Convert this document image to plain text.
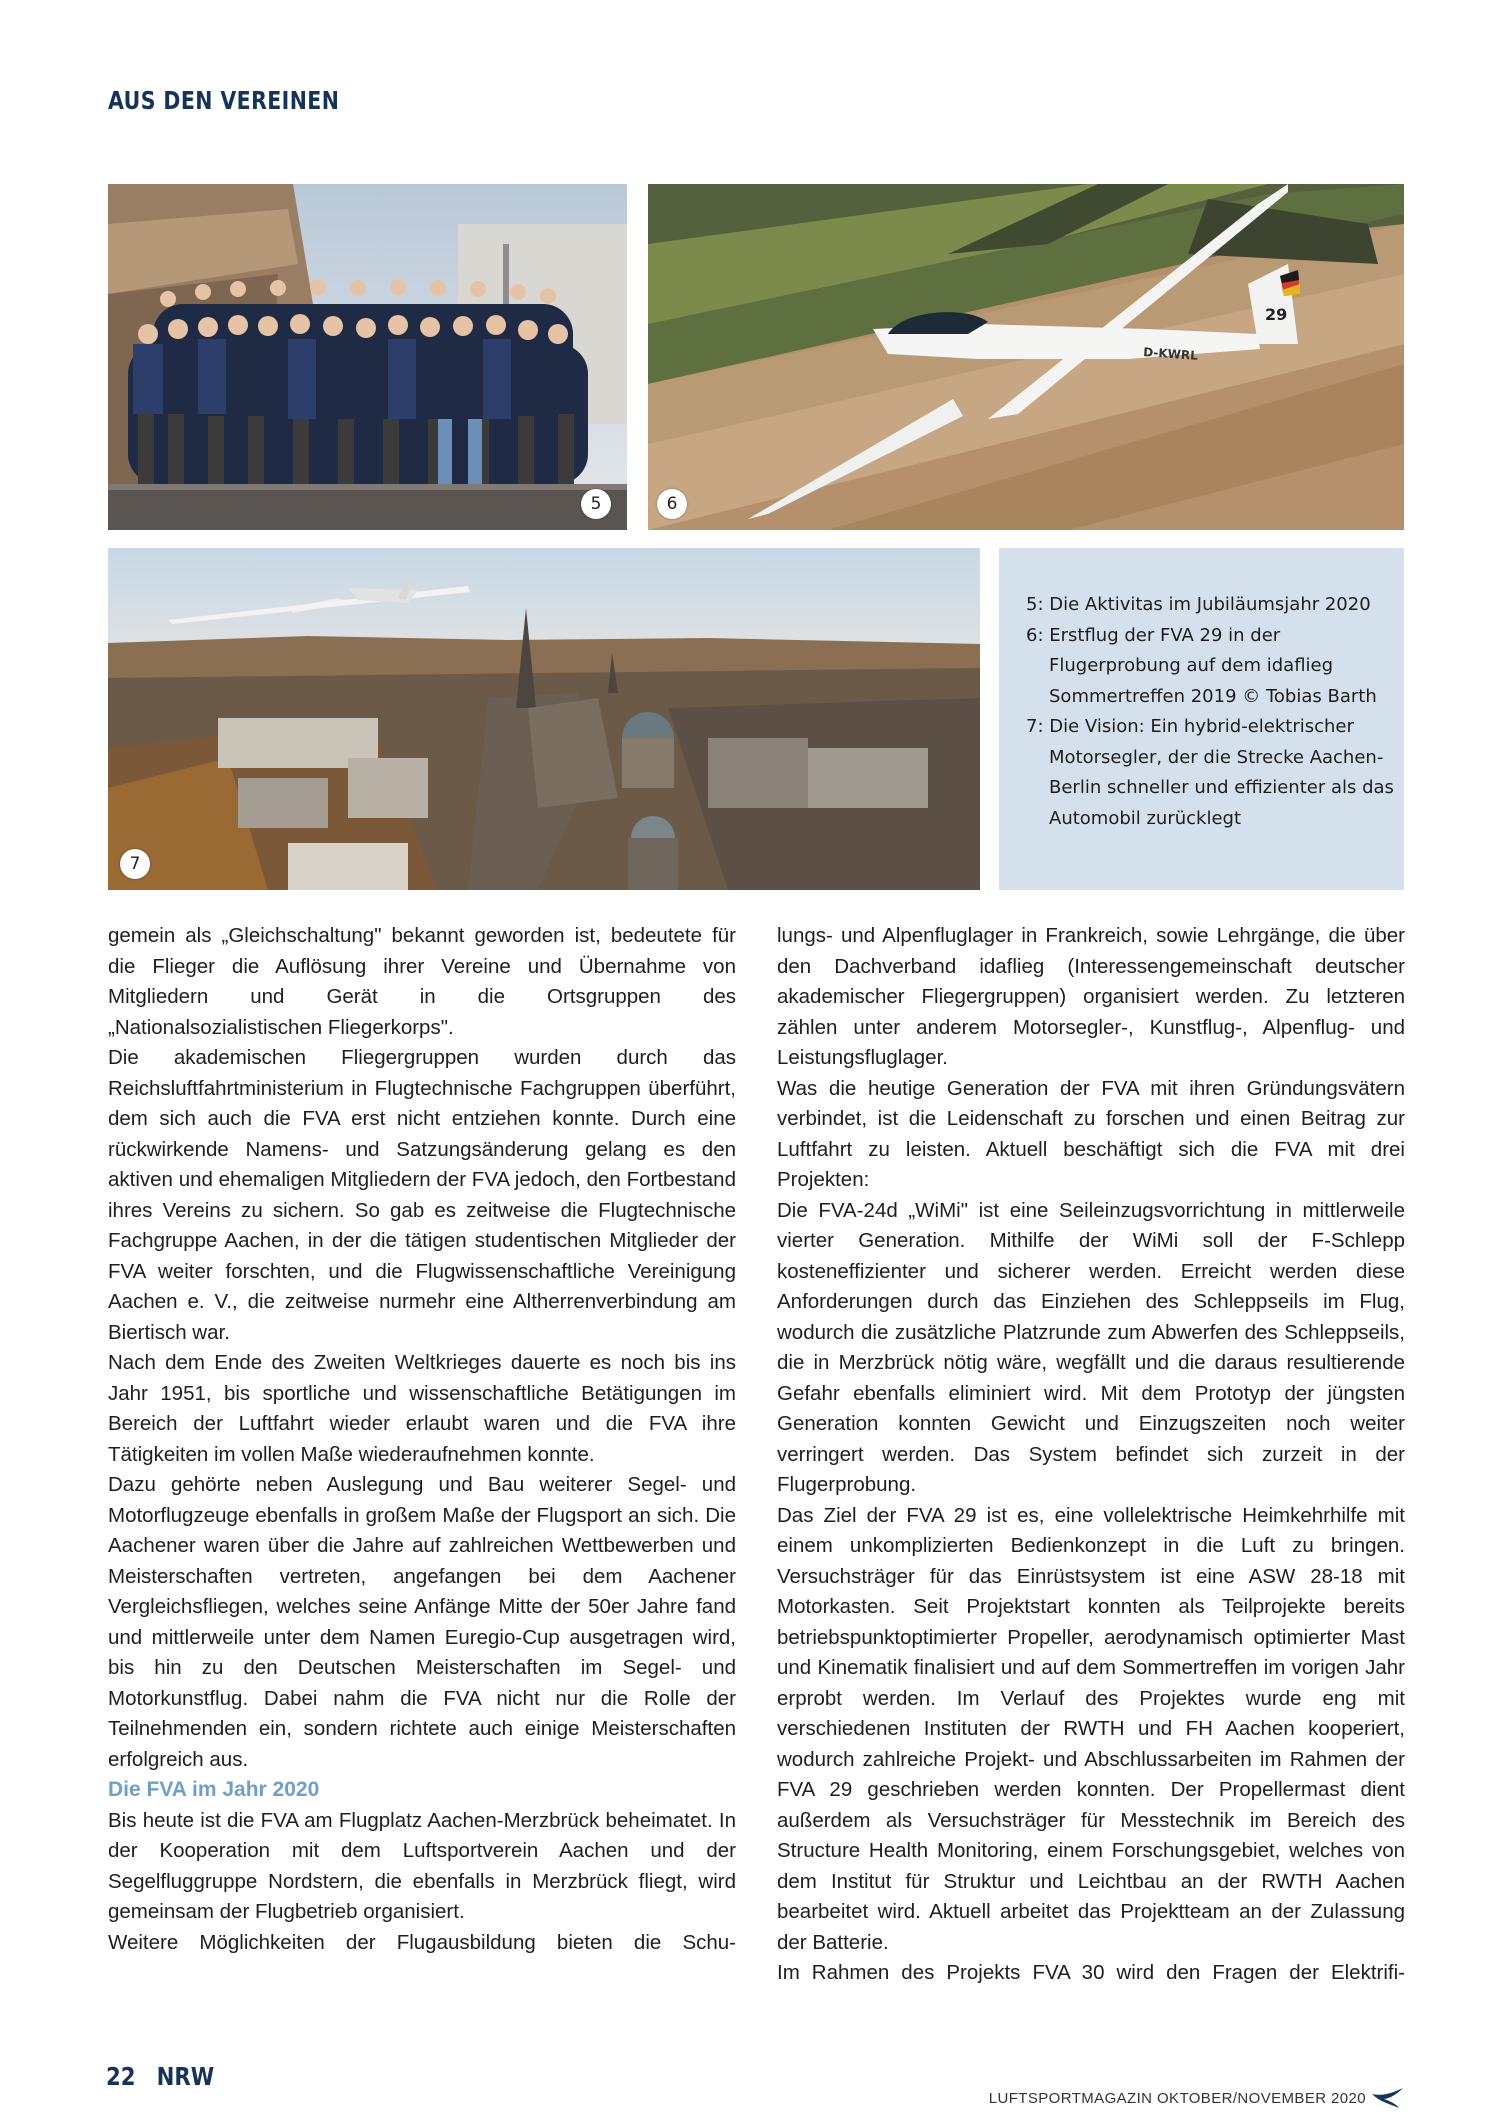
AUS DEN VEREINEN
5
29
D-KWRL
6
7
5: Die Aktivitas im Jubiläumsjahr 2020
6: Erstflug der FVA 29 in der Flugerprobung auf dem idaflieg Sommertreffen 2019 © Tobias Barth
7: Die Vision: Ein hybrid-elektrischer Motorsegler, der die Strecke Aachen-Berlin schneller und effizienter als das Automobil zurücklegt

gemein als „Gleichschaltung" bekannt geworden ist, bedeutete für die Flieger die Auflösung ihrer Vereine und Übernahme von Mitgliedern und Gerät in die Ortsgruppen des „Nationalsozialistischen Fliegerkorps".

Die akademischen Fliegergruppen wurden durch das Reichsluftfahrtministerium in Flugtechnische Fachgruppen überführt, dem sich auch die FVA erst nicht entziehen konnte. Durch eine rückwirkende Namens- und Satzungsänderung gelang es den aktiven und ehemaligen Mitgliedern der FVA jedoch, den Fortbestand ihres Vereins zu sichern. So gab es zeitweise die Flugtechnische Fachgruppe Aachen, in der die tätigen studentischen Mitglieder der FVA weiter forschten, und die Flugwissenschaftliche Vereinigung Aachen e. V., die zeitweise nurmehr eine Altherrenverbindung am Biertisch war.

Nach dem Ende des Zweiten Weltkrieges dauerte es noch bis ins Jahr 1951, bis sportliche und wissenschaftliche Betätigungen im Bereich der Luftfahrt wieder erlaubt waren und die FVA ihre Tätigkeiten im vollen Maße wiederaufnehmen konnte.

Dazu gehörte neben Auslegung und Bau weiterer Segel- und Motorflugzeuge ebenfalls in großem Maße der Flugsport an sich. Die Aachener waren über die Jahre auf zahlreichen Wettbewerben und Meisterschaften vertreten, angefangen bei dem Aachener Vergleichsfliegen, welches seine Anfänge Mitte der 50er Jahre fand und mittlerweile unter dem Namen Euregio-Cup ausgetragen wird, bis hin zu den Deutschen Meisterschaften im Segel- und Motorkunstflug. Dabei nahm die FVA nicht nur die Rolle der Teilnehmenden ein, sondern richtete auch einige Meisterschaften erfolgreich aus.

Die FVA im Jahr 2020

Bis heute ist die FVA am Flugplatz Aachen-Merzbrück beheimatet. In der Kooperation mit dem Luftsportverein Aachen und der Segelfluggruppe Nordstern, die ebenfalls in Merzbrück fliegt, wird gemeinsam der Flugbetrieb organisiert.

Weitere Möglichkeiten der Flugausbildung bieten die Schu-

lungs- und Alpenfluglager in Frankreich, sowie Lehrgänge, die über den Dachverband idaflieg (Interessengemeinschaft deutscher akademischer Fliegergruppen) organisiert werden. Zu letzteren zählen unter anderem Motorsegler-, Kunstflug-, Alpenflug- und Leistungsfluglager.

Was die heutige Generation der FVA mit ihren Gründungsvätern verbindet, ist die Leidenschaft zu forschen und einen Beitrag zur Luftfahrt zu leisten. Aktuell beschäftigt sich die FVA mit drei Projekten:

Die FVA-24d „WiMi" ist eine Seileinzugsvorrichtung in mittlerweile vierter Generation. Mithilfe der WiMi soll der F-Schlepp kosteneffizienter und sicherer werden. Erreicht werden diese Anforderungen durch das Einziehen des Schleppseils im Flug, wodurch die zusätzliche Platzrunde zum Abwerfen des Schleppseils, die in Merzbrück nötig wäre, wegfällt und die daraus resultierende Gefahr ebenfalls eliminiert wird. Mit dem Prototyp der jüngsten Generation konnten Gewicht und Einzugszeiten noch weiter verringert werden. Das System befindet sich zurzeit in der Flugerprobung.

Das Ziel der FVA 29 ist es, eine vollelektrische Heimkehrhilfe mit einem unkomplizierten Bedienkonzept in die Luft zu bringen. Versuchsträger für das Einrüstsystem ist eine ASW 28-18 mit Motorkasten. Seit Projektstart konnten als Teilprojekte bereits betriebspunktoptimierter Propeller, aerodynamisch optimierter Mast und Kinematik finalisiert und auf dem Sommertreffen im vorigen Jahr erprobt werden. Im Verlauf des Projektes wurde eng mit verschiedenen Instituten der RWTH und FH Aachen kooperiert, wodurch zahlreiche Projekt- und Abschlussarbeiten im Rahmen der FVA 29 geschrieben werden konnten. Der Propellermast dient außerdem als Versuchsträger für Messtechnik im Bereich des Structure Health Monitoring, einem Forschungsgebiet, welches von dem Institut für Struktur und Leichtbau an der RWTH Aachen bearbeitet wird. Aktuell arbeitet das Projektteam an der Zulassung der Batterie.

Im Rahmen des Projekts FVA 30 wird den Fragen der Elektrifi-

22 NRW
LUFTSPORTMAGAZIN OKTOBER/NOVEMBER 2020
